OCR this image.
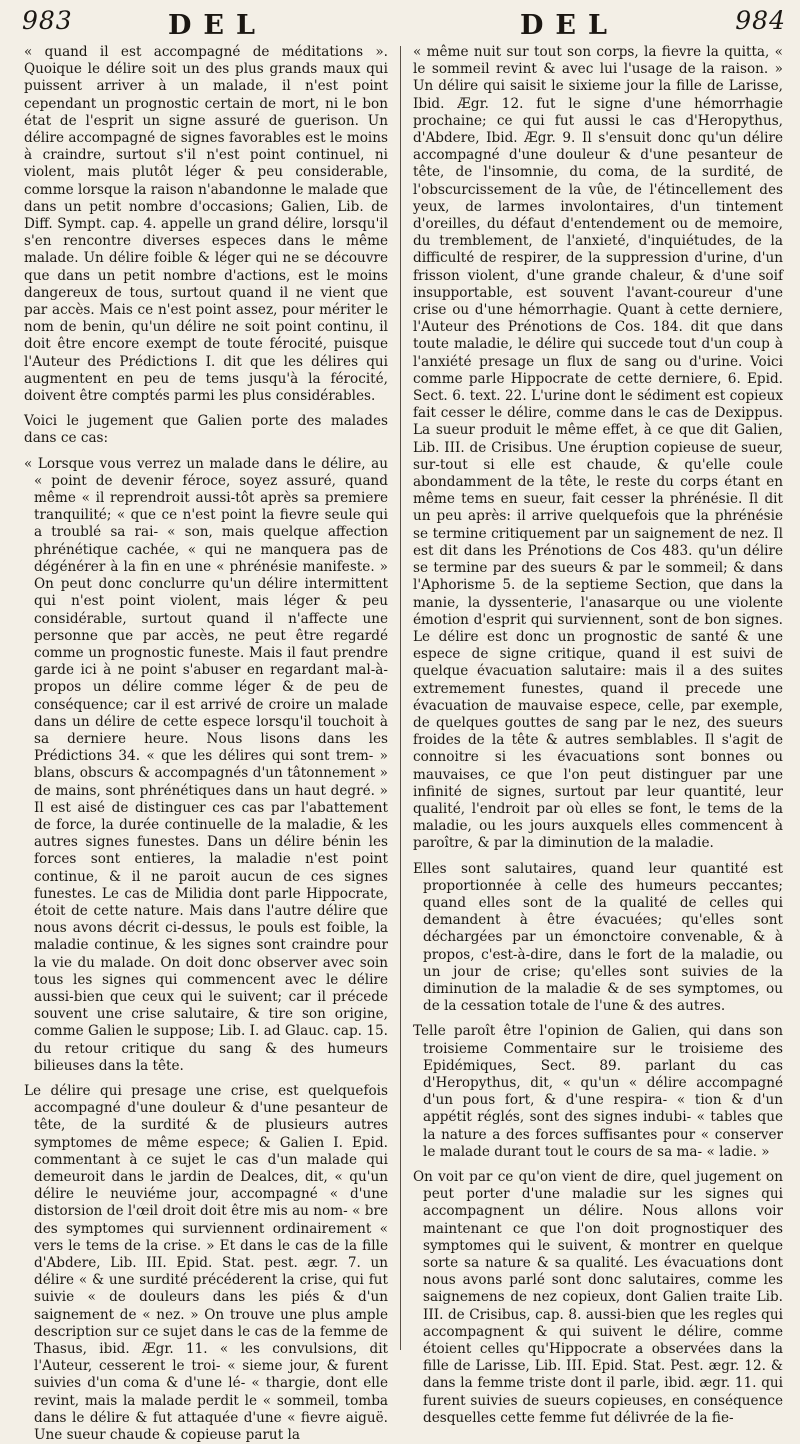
983	DEL	DEL	984

« quand il est accompagné de méditations ». Quoique le délire soit un des plus grands maux qui puissent arriver à un malade, il n'est point cependant un prognostic certain de mort, ni le bon état de l'esprit un signe assuré de guerison. Un délire accompagné de signes favorables est le moins à craindre, surtout s'il n'est point continuel, ni violent, mais plutôt léger & peu considerable, comme lorsque la raison n'abandonne le malade que dans un petit nombre d'occasions; Galien, Lib. de Diff. Sympt. cap. 4. appelle un grand délire, lorsqu'il s'en rencontre diverses especes dans le même malade. Un délire foible & léger qui ne se découvre que dans un petit nombre d'actions, est le moins dangereux de tous, surtout quand il ne vient que par accès. Mais ce n'est point assez, pour mériter le nom de benin, qu'un délire ne soit point continu, il doit être encore exempt de toute férocité, puisque l'Auteur des Prédictions I. dit que les délires qui augmentent en peu de tems jusqu'à la férocité, doivent être comptés parmi les plus considérables.

Voici le jugement que Galien porte des malades dans ce cas:

« Lorsque vous verrez un malade dans le délire, au « point de devenir féroce, soyez assuré, quand même « il reprendroit aussi-tôt après sa premiere tranquilité; « que ce n'est point la fievre seule qui a troublé sa rai- « son, mais quelque affection phrénétique cachée, « qui ne manquera pas de dégénérer à la fin en une « phrénésie manifeste. » On peut donc conclurre qu'un délire intermittent qui n'est point violent, mais léger & peu considérable, surtout quand il n'affecte une personne que par accès, ne peut être regardé comme un prognostic funeste. Mais il faut prendre garde ici à ne point s'abuser en regardant mal-à-propos un délire comme léger & de peu de conséquence; car il est arrivé de croire un malade dans un délire de cette espece lorsqu'il touchoit à sa derniere heure. Nous lisons dans les Prédictions 34. « que les délires qui sont trem- » blans, obscurs & accompagnés d'un tâtonnement » de mains, sont phrénétiques dans un haut degré. » Il est aisé de distinguer ces cas par l'abattement de force, la durée continuelle de la maladie, & les autres signes funestes. Dans un délire bénin les forces sont entieres, la maladie n'est point continue, & il ne paroit aucun de ces signes funestes. Le cas de Milidia dont parle Hippocrate, étoit de cette nature. Mais dans l'autre délire que nous avons décrit ci-dessus, le pouls est foible, la maladie continue, & les signes sont craindre pour la vie du malade. On doit donc observer avec soin tous les signes qui commencent avec le délire aussi-bien que ceux qui le suivent; car il précede souvent une crise salutaire, & tire son origine, comme Galien le suppose; Lib. I. ad Glauc. cap. 15. du retour critique du sang & des humeurs bilieuses dans la tête.

Le délire qui presage une crise, est quelquefois accompagné d'une douleur & d'une pesanteur de tête, de la surdité & de plusieurs autres symptomes de même espece; & Galien I. Epid. commentant à ce sujet le cas d'un malade qui demeuroit dans le jardin de Dealces, dit, « qu'un délire le neuviéme jour, accompagné « d'une distorsion de l'œil droit doit être mis au nom- « bre des symptomes qui surviennent ordinairement « vers le tems de la crise. » Et dans le cas de la fille d'Abdere, Lib. III. Epid. Stat. pest. ægr. 7. un délire « & une surdité précéderent la crise, qui fut suivie « de douleurs dans les piés & d'un saignement de « nez. » On trouve une plus ample description sur ce sujet dans le cas de la femme de Thasus, ibid. Ægr. 11. « les convulsions, dit l'Auteur, cesserent le troi- « sieme jour, & furent suivies d'un coma & d'une lé- « thargie, dont elle revint, mais la malade perdit le « sommeil, tomba dans le délire & fut attaquée d'une « fievre aiguë. Une sueur chaude & copieuse parut la

« même nuit sur tout son corps, la fievre la quitta, « le sommeil revint & avec lui l'usage de la raison. » Un délire qui saisit le sixieme jour la fille de Larisse, Ibid. Ægr. 12. fut le signe d'une hémorrhagie prochaine; ce qui fut aussi le cas d'Heropythus, d'Abdere, Ibid. Ægr. 9. Il s'ensuit donc qu'un délire accompagné d'une douleur & d'une pesanteur de tête, de l'insomnie, du coma, de la surdité, de l'obscurcissement de la vûe, de l'étincellement des yeux, de larmes involontaires, d'un tintement d'oreilles, du défaut d'entendement ou de memoire, du tremblement, de l'anxieté, d'inquiétudes, de la difficulté de respirer, de la suppression d'urine, d'un frisson violent, d'une grande chaleur, & d'une soif insupportable, est souvent l'avant-coureur d'une crise ou d'une hémorrhagie. Quant à cette derniere, l'Auteur des Prénotions de Cos. 184. dit que dans toute maladie, le délire qui succede tout d'un coup à l'anxiété presage un flux de sang ou d'urine. Voici comme parle Hippocrate de cette derniere, 6. Epid. Sect. 6. text. 22. L'urine dont le sédiment est copieux fait cesser le délire, comme dans le cas de Dexippus. La sueur produit le même effet, à ce que dit Galien, Lib. III. de Crisibus. Une éruption copieuse de sueur, sur-tout si elle est chaude, & qu'elle coule abondamment de la tête, le reste du corps étant en même tems en sueur, fait cesser la phrénésie. Il dit un peu après: il arrive quelquefois que la phrénésie se termine critiquement par un saignement de nez. Il est dit dans les Prénotions de Cos 483. qu'un délire se termine par des sueurs & par le sommeil; & dans l'Aphorisme 5. de la septieme Section, que dans la manie, la dyssenterie, l'anasarque ou une violente émotion d'esprit qui surviennent, sont de bon signes. Le délire est donc un prognostic de santé & une espece de signe critique, quand il est suivi de quelque évacuation salutaire: mais il a des suites extremement funestes, quand il precede une évacuation de mauvaise espece, celle, par exemple, de quelques gouttes de sang par le nez, des sueurs froides de la tête & autres semblables. Il s'agit de connoitre si les évacuations sont bonnes ou mauvaises, ce que l'on peut distinguer par une infinité de signes, surtout par leur quantité, leur qualité, l'endroit par où elles se font, le tems de la maladie, ou les jours auxquels elles commencent à paroître, & par la diminution de la maladie.

Elles sont salutaires, quand leur quantité est proportionnée à celle des humeurs peccantes; quand elles sont de la qualité de celles qui demandent à être évacuées; qu'elles sont déchargées par un émonctoire convenable, & à propos, c'est-à-dire, dans le fort de la maladie, ou un jour de crise; qu'elles sont suivies de la diminution de la maladie & de ses symptomes, ou de la cessation totale de l'une & des autres.

Telle paroît être l'opinion de Galien, qui dans son troisieme Commentaire sur le troisieme des Epidémiques, Sect. 89. parlant du cas d'Heropythus, dit, « qu'un « délire accompagné d'un pous fort, & d'une respira- « tion & d'un appétit réglés, sont des signes indubi- « tables que la nature a des forces suffisantes pour « conserver le malade durant tout le cours de sa ma- « ladie. »

On voit par ce qu'on vient de dire, quel jugement on peut porter d'une maladie sur les signes qui accompagnent un délire. Nous allons voir maintenant ce que l'on doit prognostiquer des symptomes qui le suivent, & montrer en quelque sorte sa nature & sa qualité. Les évacuations dont nous avons parlé sont donc salutaires, comme les saignemens de nez copieux, dont Galien traite Lib. III. de Crisibus, cap. 8. aussi-bien que les regles qui accompagnent & qui suivent le délire, comme étoient celles qu'Hippocrate a observées dans la fille de Larisse, Lib. III. Epid. Stat. Pest. ægr. 12. & dans la femme triste dont il parle, ibid. ægr. 11. qui furent suivies de sueurs copieuses, en conséquence desquelles cette femme fut délivrée de la fie-
